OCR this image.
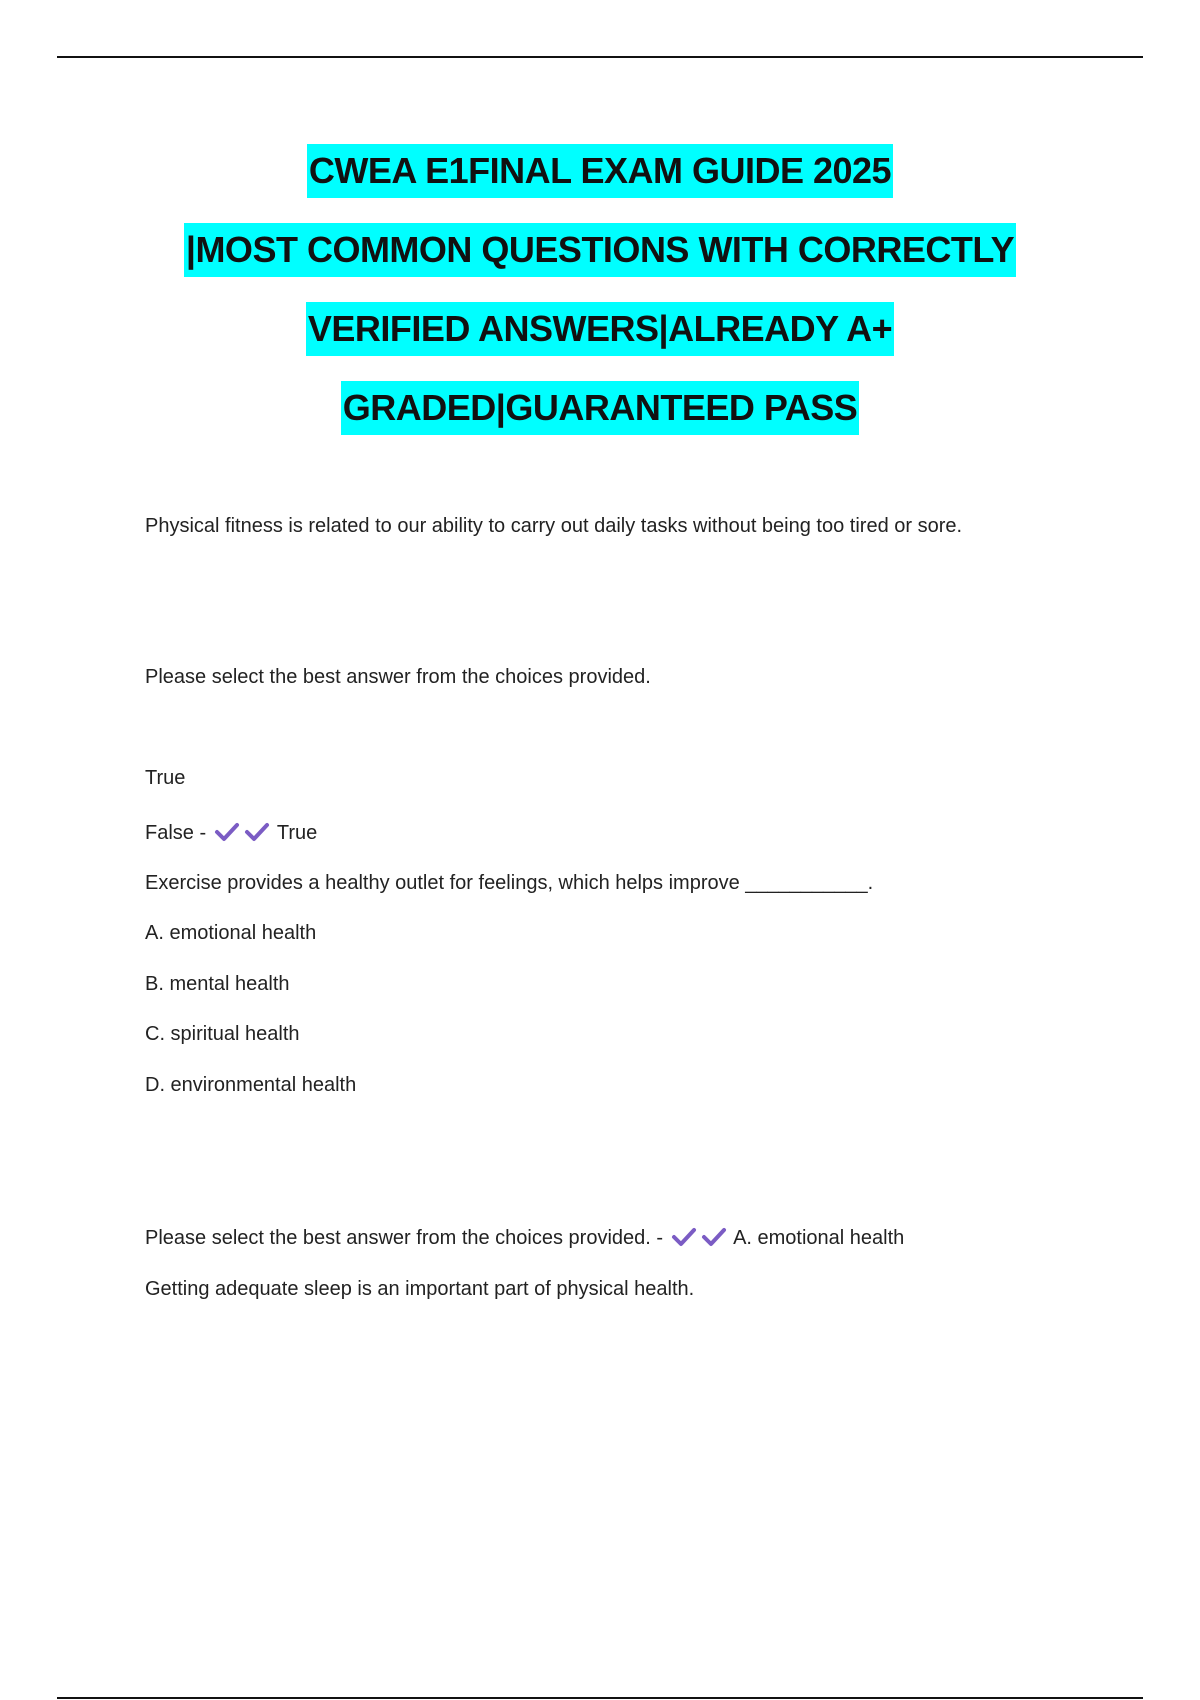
CWEA E1FINAL EXAM GUIDE 2025
|MOST COMMON QUESTIONS WITH CORRECTLY
VERIFIED ANSWERS|ALREADY A+
GRADED|GUARANTEED PASS
Physical fitness is related to our ability to carry out daily tasks without being too tired or sore.
Please select the best answer from the choices provided.
True
False -	True
Exercise provides a healthy outlet for feelings, which helps improve ___________.
A. emotional health
B. mental health
C. spiritual health
D. environmental health
Please select the best answer from the choices provided. -	A. emotional health
Getting adequate sleep is an important part of physical health.
